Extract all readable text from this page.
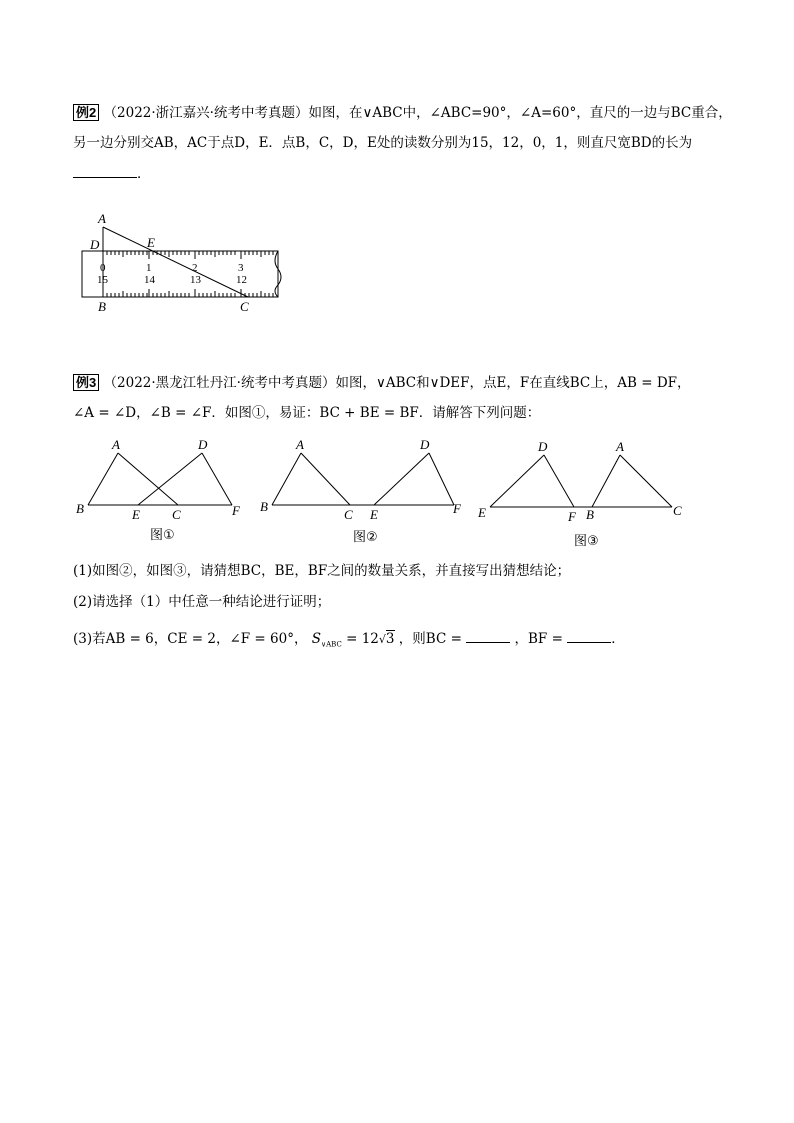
例2 （2022·浙江嘉兴·统考中考真题）如图，在∨ABC中，∠ABC=90°，∠A=60°，直尺的一边与BC重合，
另一边分别交AB，AC于点D，E．点B，C，D，E处的读数分别为15，12，0，1，则直尺宽BD的长为
．
A
D	E
B	C
0	1	2	3
15	14	13	12
例3 （2022·黑龙江牡丹江·统考中考真题）如图，∨ABC和∨DEF，点E，F在直线BC上，AB = DF，
∠A = ∠D，∠B = ∠F．如图①，易证：BC + BE = BF．请解答下列问题：
A	D
B	E C	F
图①
A	D
B
C E	F
图②
D	A
E	F B	C
图③
(1)如图②，如图③，请猜想BC，BE，BF之间的数量关系，并直接写出猜想结论；
(2)请选择（1）中任意一种结论进行证明；
(3)若AB = 6，CE = 2，∠F = 60°， $S_{\vee ABC} = 12√3$ ，则BC =	，BF =	．
